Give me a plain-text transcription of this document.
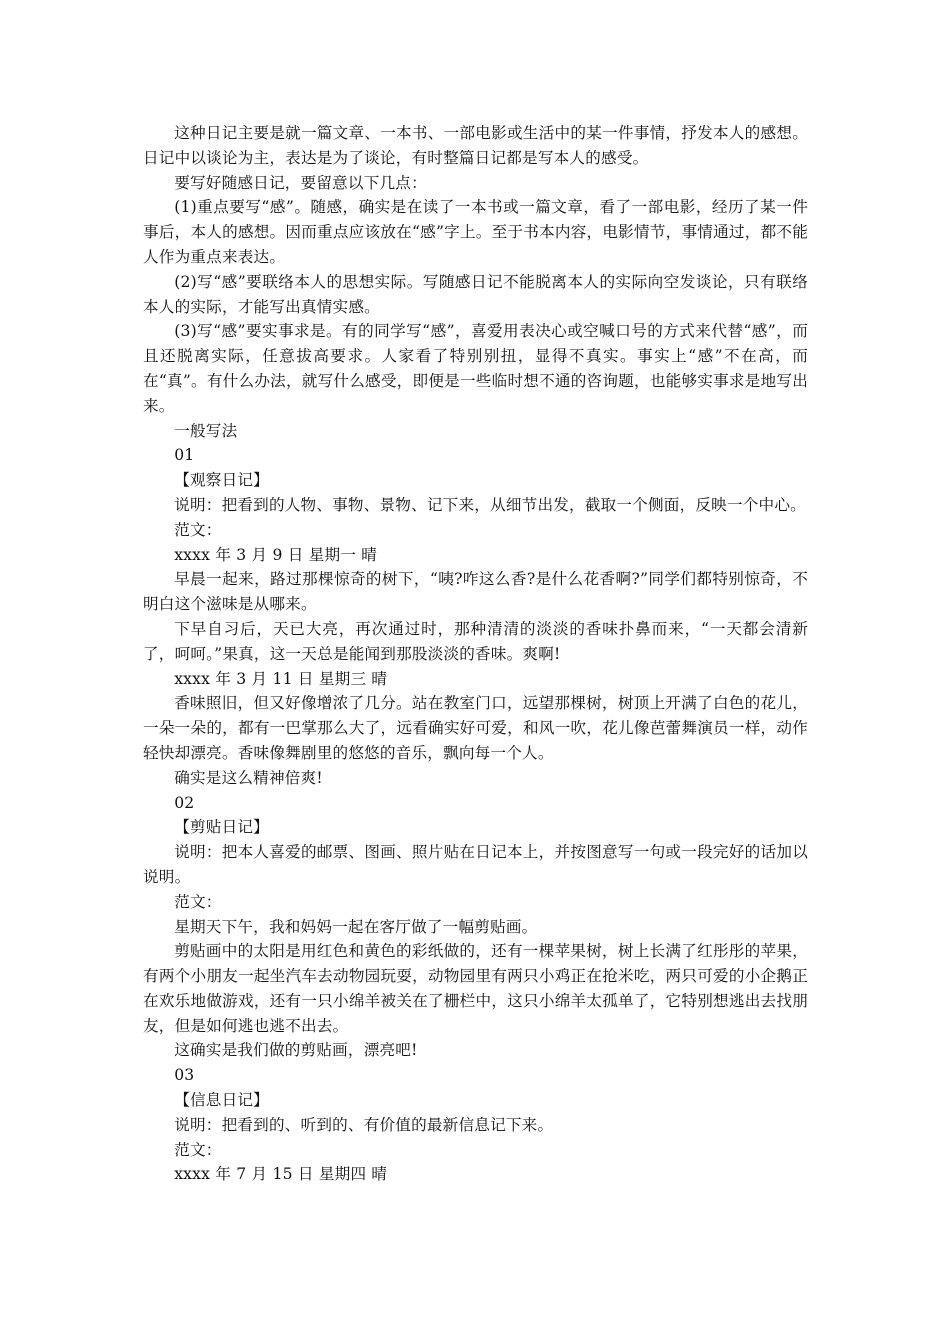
这种日记主要是就一篇文章、一本书、一部电影或生活中的某一件事情，抒发本人的感想。日记中以谈论为主，表达是为了谈论，有时整篇日记都是写本人的感受。

要写好随感日记，要留意以下几点：

(1)重点要写“感”。随感，确实是在读了一本书或一篇文章，看了一部电影，经历了某一件事后，本人的感想。因而重点应该放在“感”字上。至于书本内容，电影情节，事情通过，都不能人作为重点来表达。

(2)写“感”要联络本人的思想实际。写随感日记不能脱离本人的实际向空发谈论，只有联络本人的实际，才能写出真情实感。

(3)写“感”要实事求是。有的同学写“感”，喜爱用表决心或空喊口号的方式来代替“感”，而且还脱离实际，任意拔高要求。人家看了特别别扭，显得不真实。事实上“感”不在高，而在“真”。有什么办法，就写什么感受，即便是一些临时想不通的咨询题，也能够实事求是地写出来。

一般写法

01

【观察日记】

说明：把看到的人物、事物、景物、记下来，从细节出发，截取一个侧面，反映一个中心。

范文：

xxxx 年 3 月 9 日 星期一 晴

早晨一起来，路过那棵惊奇的树下，“咦?咋这么香?是什么花香啊?”同学们都特别惊奇，不明白这个滋味是从哪来。

下早自习后，天已大亮，再次通过时，那种清清的淡淡的香味扑鼻而来，“一天都会清新了，呵呵。”果真，这一天总是能闻到那股淡淡的香味。爽啊!

xxxx 年 3 月 11 日 星期三 晴

香味照旧，但又好像增浓了几分。站在教室门口，远望那棵树，树顶上开满了白色的花儿，一朵一朵的，都有一巴掌那么大了，远看确实好可爱，和风一吹，花儿像芭蕾舞演员一样，动作轻快却漂亮。香味像舞剧里的悠悠的音乐，飘向每一个人。

确实是这么精神倍爽!

02

【剪贴日记】

说明：把本人喜爱的邮票、图画、照片贴在日记本上，并按图意写一句或一段完好的话加以说明。

范文：

星期天下午，我和妈妈一起在客厅做了一幅剪贴画。

剪贴画中的太阳是用红色和黄色的彩纸做的，还有一棵苹果树，树上长满了红彤彤的苹果，有两个小朋友一起坐汽车去动物园玩耍，动物园里有两只小鸡正在抢米吃，两只可爱的小企鹅正在欢乐地做游戏，还有一只小绵羊被关在了栅栏中，这只小绵羊太孤单了，它特别想逃出去找朋友，但是如何逃也逃不出去。

这确实是我们做的剪贴画，漂亮吧!

03

【信息日记】

说明：把看到的、听到的、有价值的最新信息记下来。

范文：

xxxx 年 7 月 15 日 星期四 晴
